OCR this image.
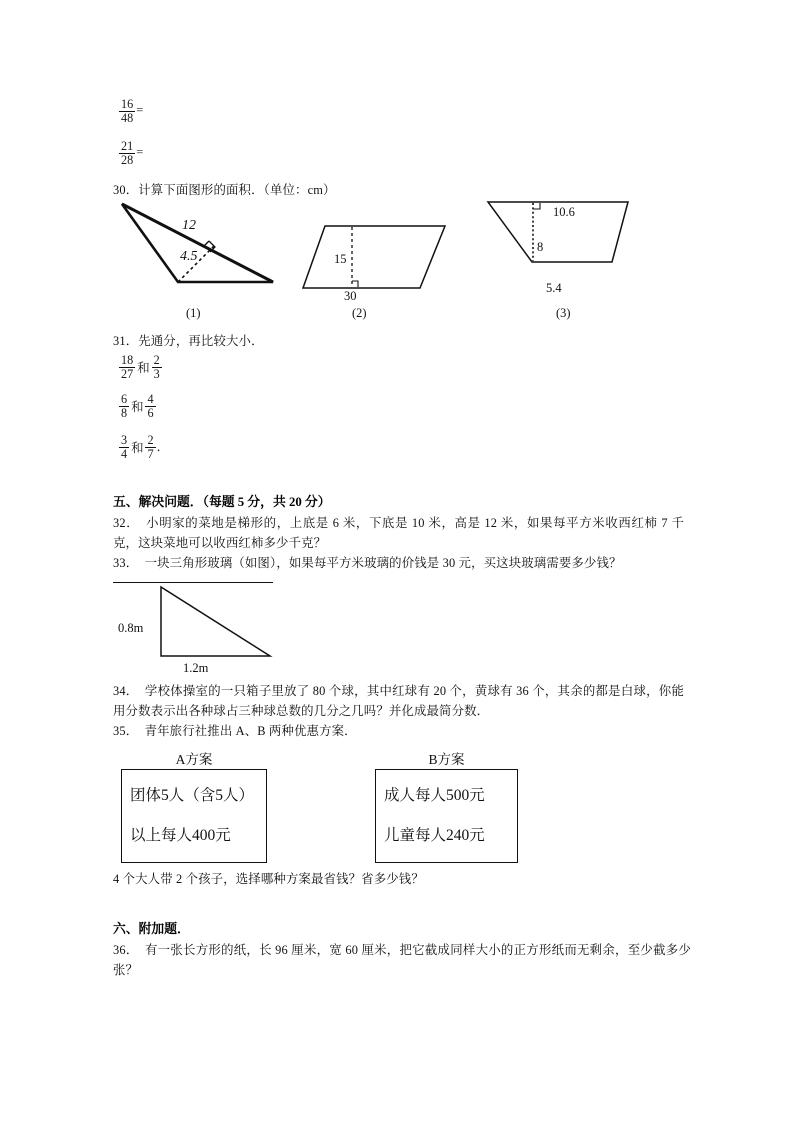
$\frac{16}{48}$ =
$\frac{21}{28}$ =
30．计算下面图形的面积．（单位：cm）
12
4.5	15
30
10.6
8
5.4
(1)	(2)	(3)
31．先通分，再比较大小．
$\frac{18}{27}$ 和 $\frac{2}{3}$
$\frac{6}{8}$ 和 $\frac{4}{6}$
$\frac{3}{4}$ 和 $\frac{2}{7}$ ．
五、解决问题．（每题 5 分，共 20 分）
32．　小明家的菜地是梯形的，上底是 6 米，下底是 10 米，高是 12 米，如果每平方米收西红柿 7 千克，这块菜地可以收西红柿多少千克？
33．　一块三角形玻璃（如图），如果每平方米玻璃的价钱是 30 元，买这块玻璃需要多少钱？
0.8m
1.2m
34．　学校体操室的一只箱子里放了 80 个球，其中红球有 20 个，黄球有 36 个，其余的都是白球，你能用分数表示出各种球占三种球总数的几分之几吗？并化成最简分数．
35．　青年旅行社推出 A、B 两种优惠方案．
A方案
团体5人（含5人）
以上每人400元
B方案
成人每人500元
儿童每人240元
4 个大人带 2 个孩子，选择哪种方案最省钱？省多少钱？
六、附加题．
36．　有一张长方形的纸，长 96 厘米，宽 60 厘米，把它截成同样大小的正方形纸而无剩余，至少截多少张？
